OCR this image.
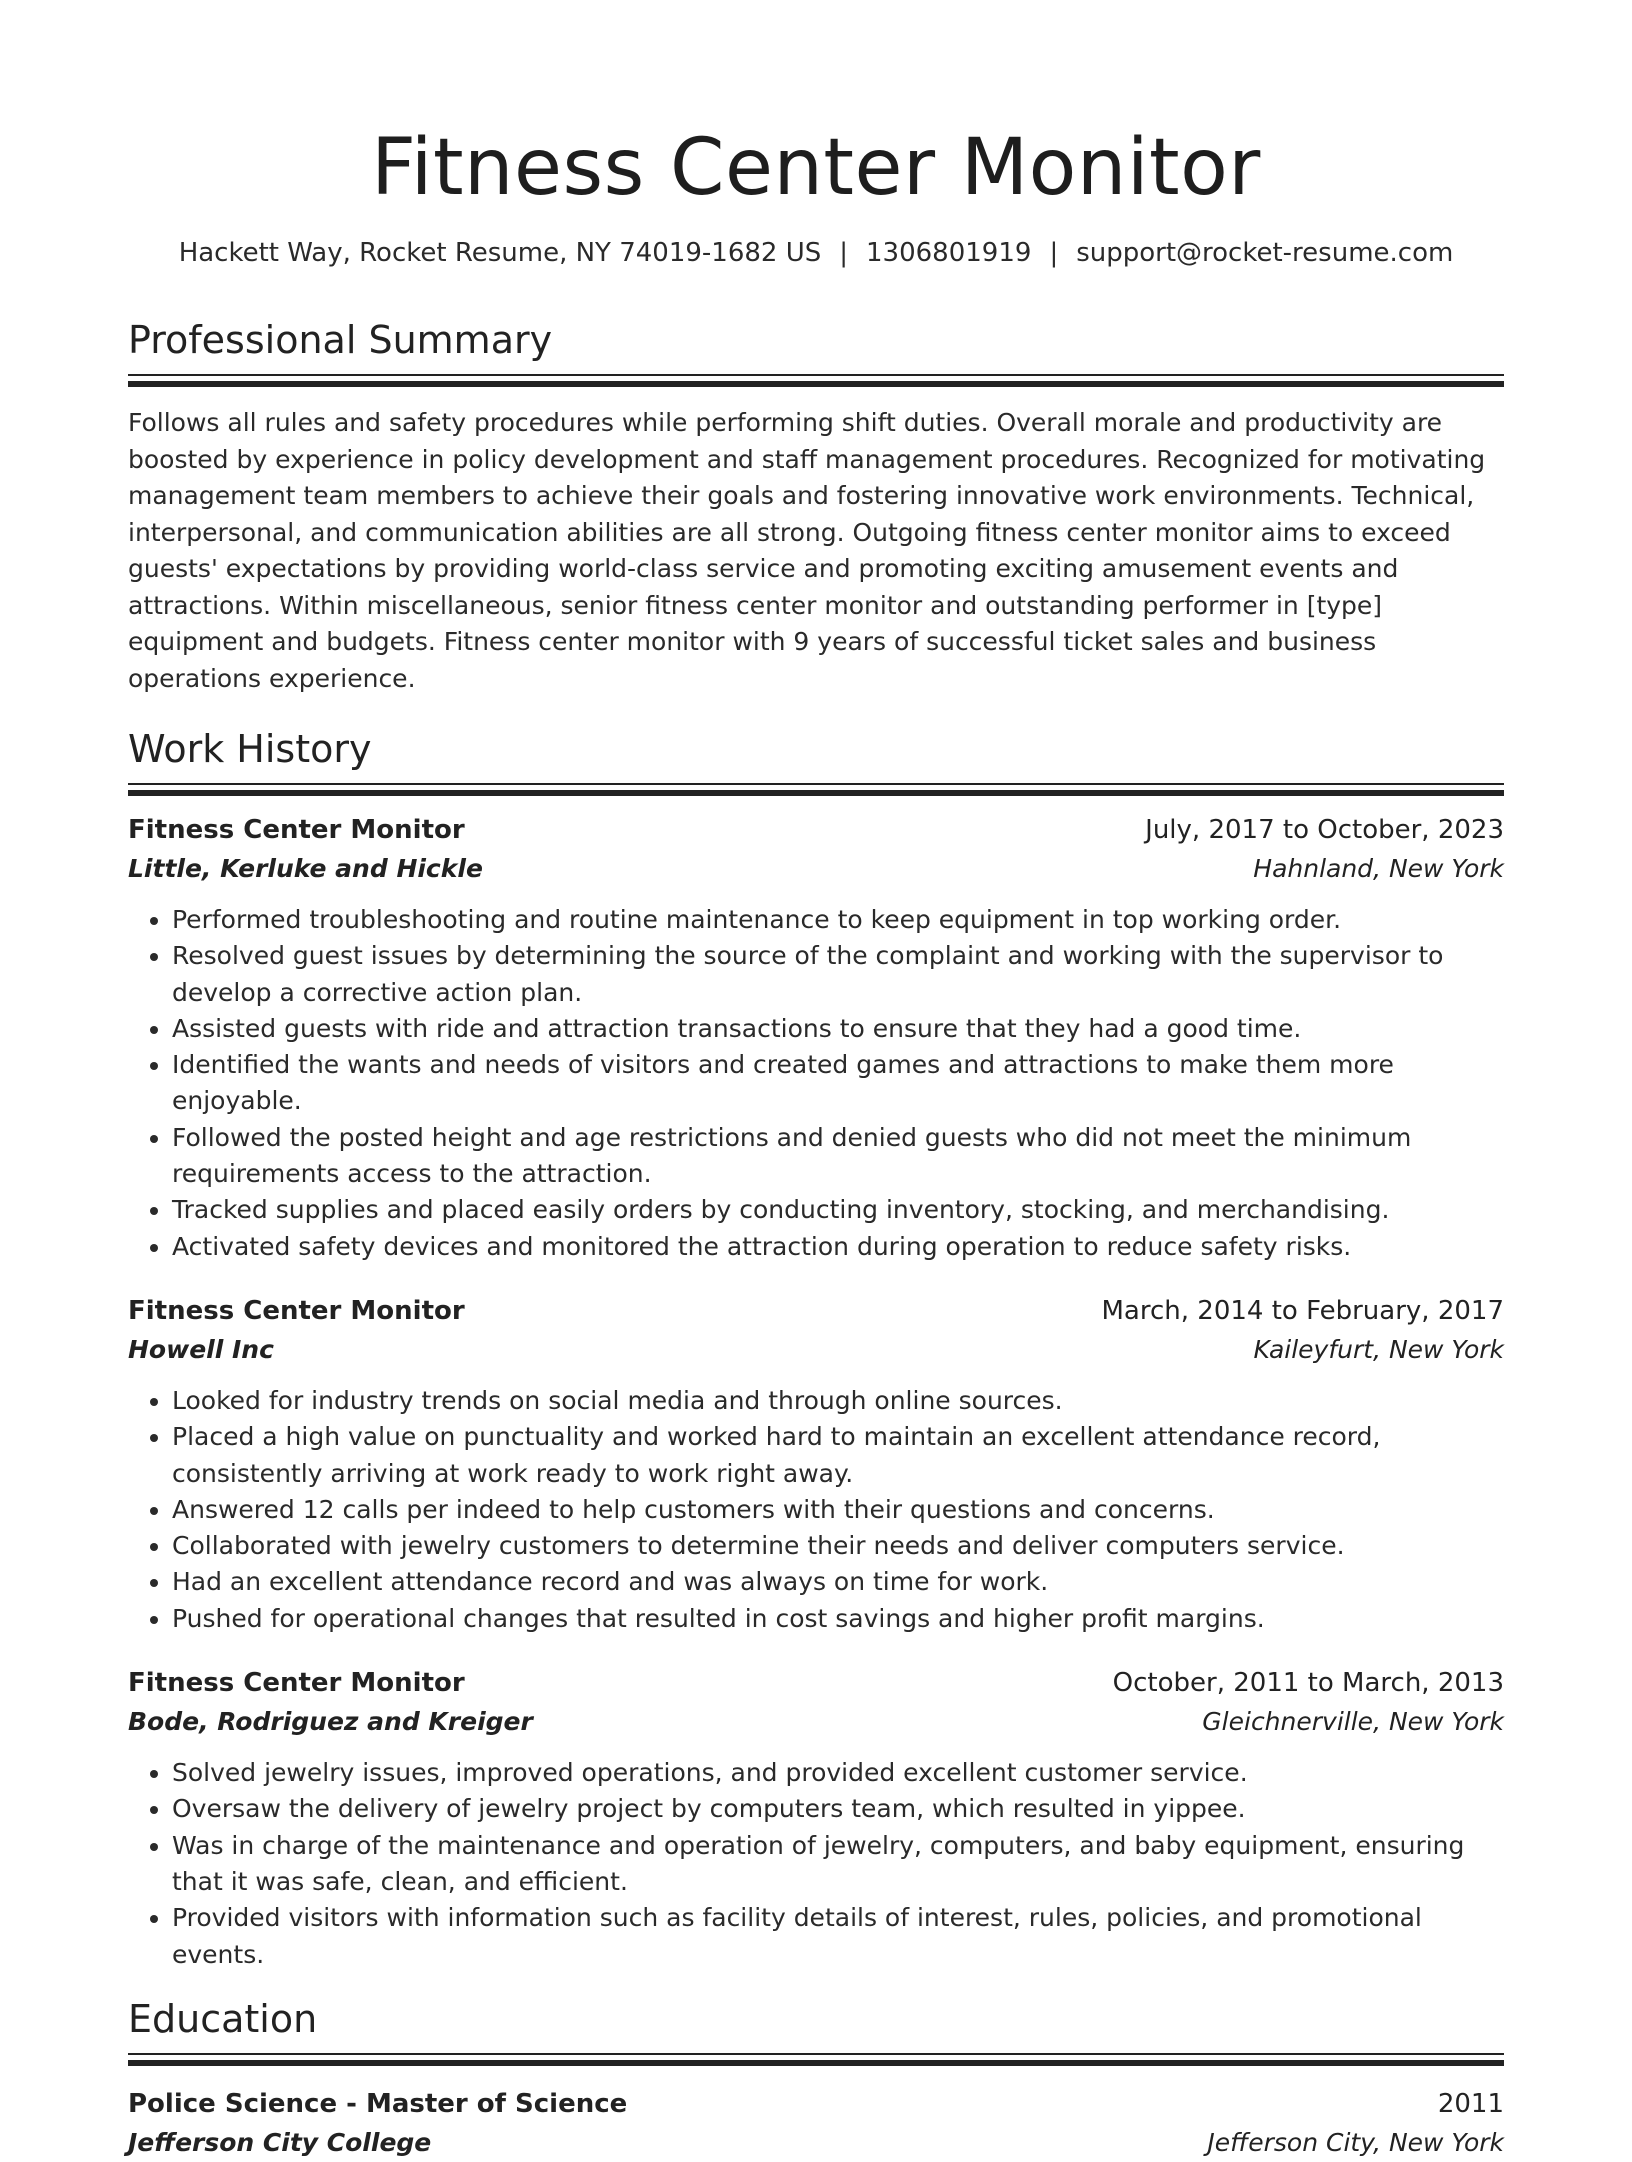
Fitness Center Monitor
Hackett Way, Rocket Resume, NY 74019-1682 US | 1306801919 | support@rocket-resume.com
Professional Summary

Follows all rules and safety procedures while performing shift duties. Overall morale and productivity are boosted by experience in policy development and staff management procedures. Recognized for motivating management team members to achieve their goals and fostering innovative work environments. Technical, interpersonal, and communication abilities are all strong. Outgoing fitness center monitor aims to exceed guests' expectations by providing world-class service and promoting exciting amusement events and attractions. Within miscellaneous, senior fitness center monitor and outstanding performer in [type] equipment and budgets. Fitness center monitor with 9 years of successful ticket sales and business operations experience.

Work History
Fitness Center Monitor	July, 2017 to October, 2023
Little, Kerluke and Hickle	Hahnland, New York
• Performed troubleshooting and routine maintenance to keep equipment in top working order.
• Resolved guest issues by determining the source of the complaint and working with the supervisor to develop a corrective action plan.
• Assisted guests with ride and attraction transactions to ensure that they had a good time.
• Identified the wants and needs of visitors and created games and attractions to make them more enjoyable.
• Followed the posted height and age restrictions and denied guests who did not meet the minimum requirements access to the attraction.
• Tracked supplies and placed easily orders by conducting inventory, stocking, and merchandising.
• Activated safety devices and monitored the attraction during operation to reduce safety risks.
Fitness Center Monitor	March, 2014 to February, 2017
Howell Inc	Kaileyfurt, New York
• Looked for industry trends on social media and through online sources.
• Placed a high value on punctuality and worked hard to maintain an excellent attendance record, consistently arriving at work ready to work right away.
• Answered 12 calls per indeed to help customers with their questions and concerns.
• Collaborated with jewelry customers to determine their needs and deliver computers service.
• Had an excellent attendance record and was always on time for work.
• Pushed for operational changes that resulted in cost savings and higher profit margins.
Fitness Center Monitor	October, 2011 to March, 2013
Bode, Rodriguez and Kreiger	Gleichnerville, New York
• Solved jewelry issues, improved operations, and provided excellent customer service.
• Oversaw the delivery of jewelry project by computers team, which resulted in yippee.
• Was in charge of the maintenance and operation of jewelry, computers, and baby equipment, ensuring that it was safe, clean, and efficient.
• Provided visitors with information such as facility details of interest, rules, policies, and promotional events.
Education
Police Science - Master of Science	2011
Jefferson City College	Jefferson City, New York
